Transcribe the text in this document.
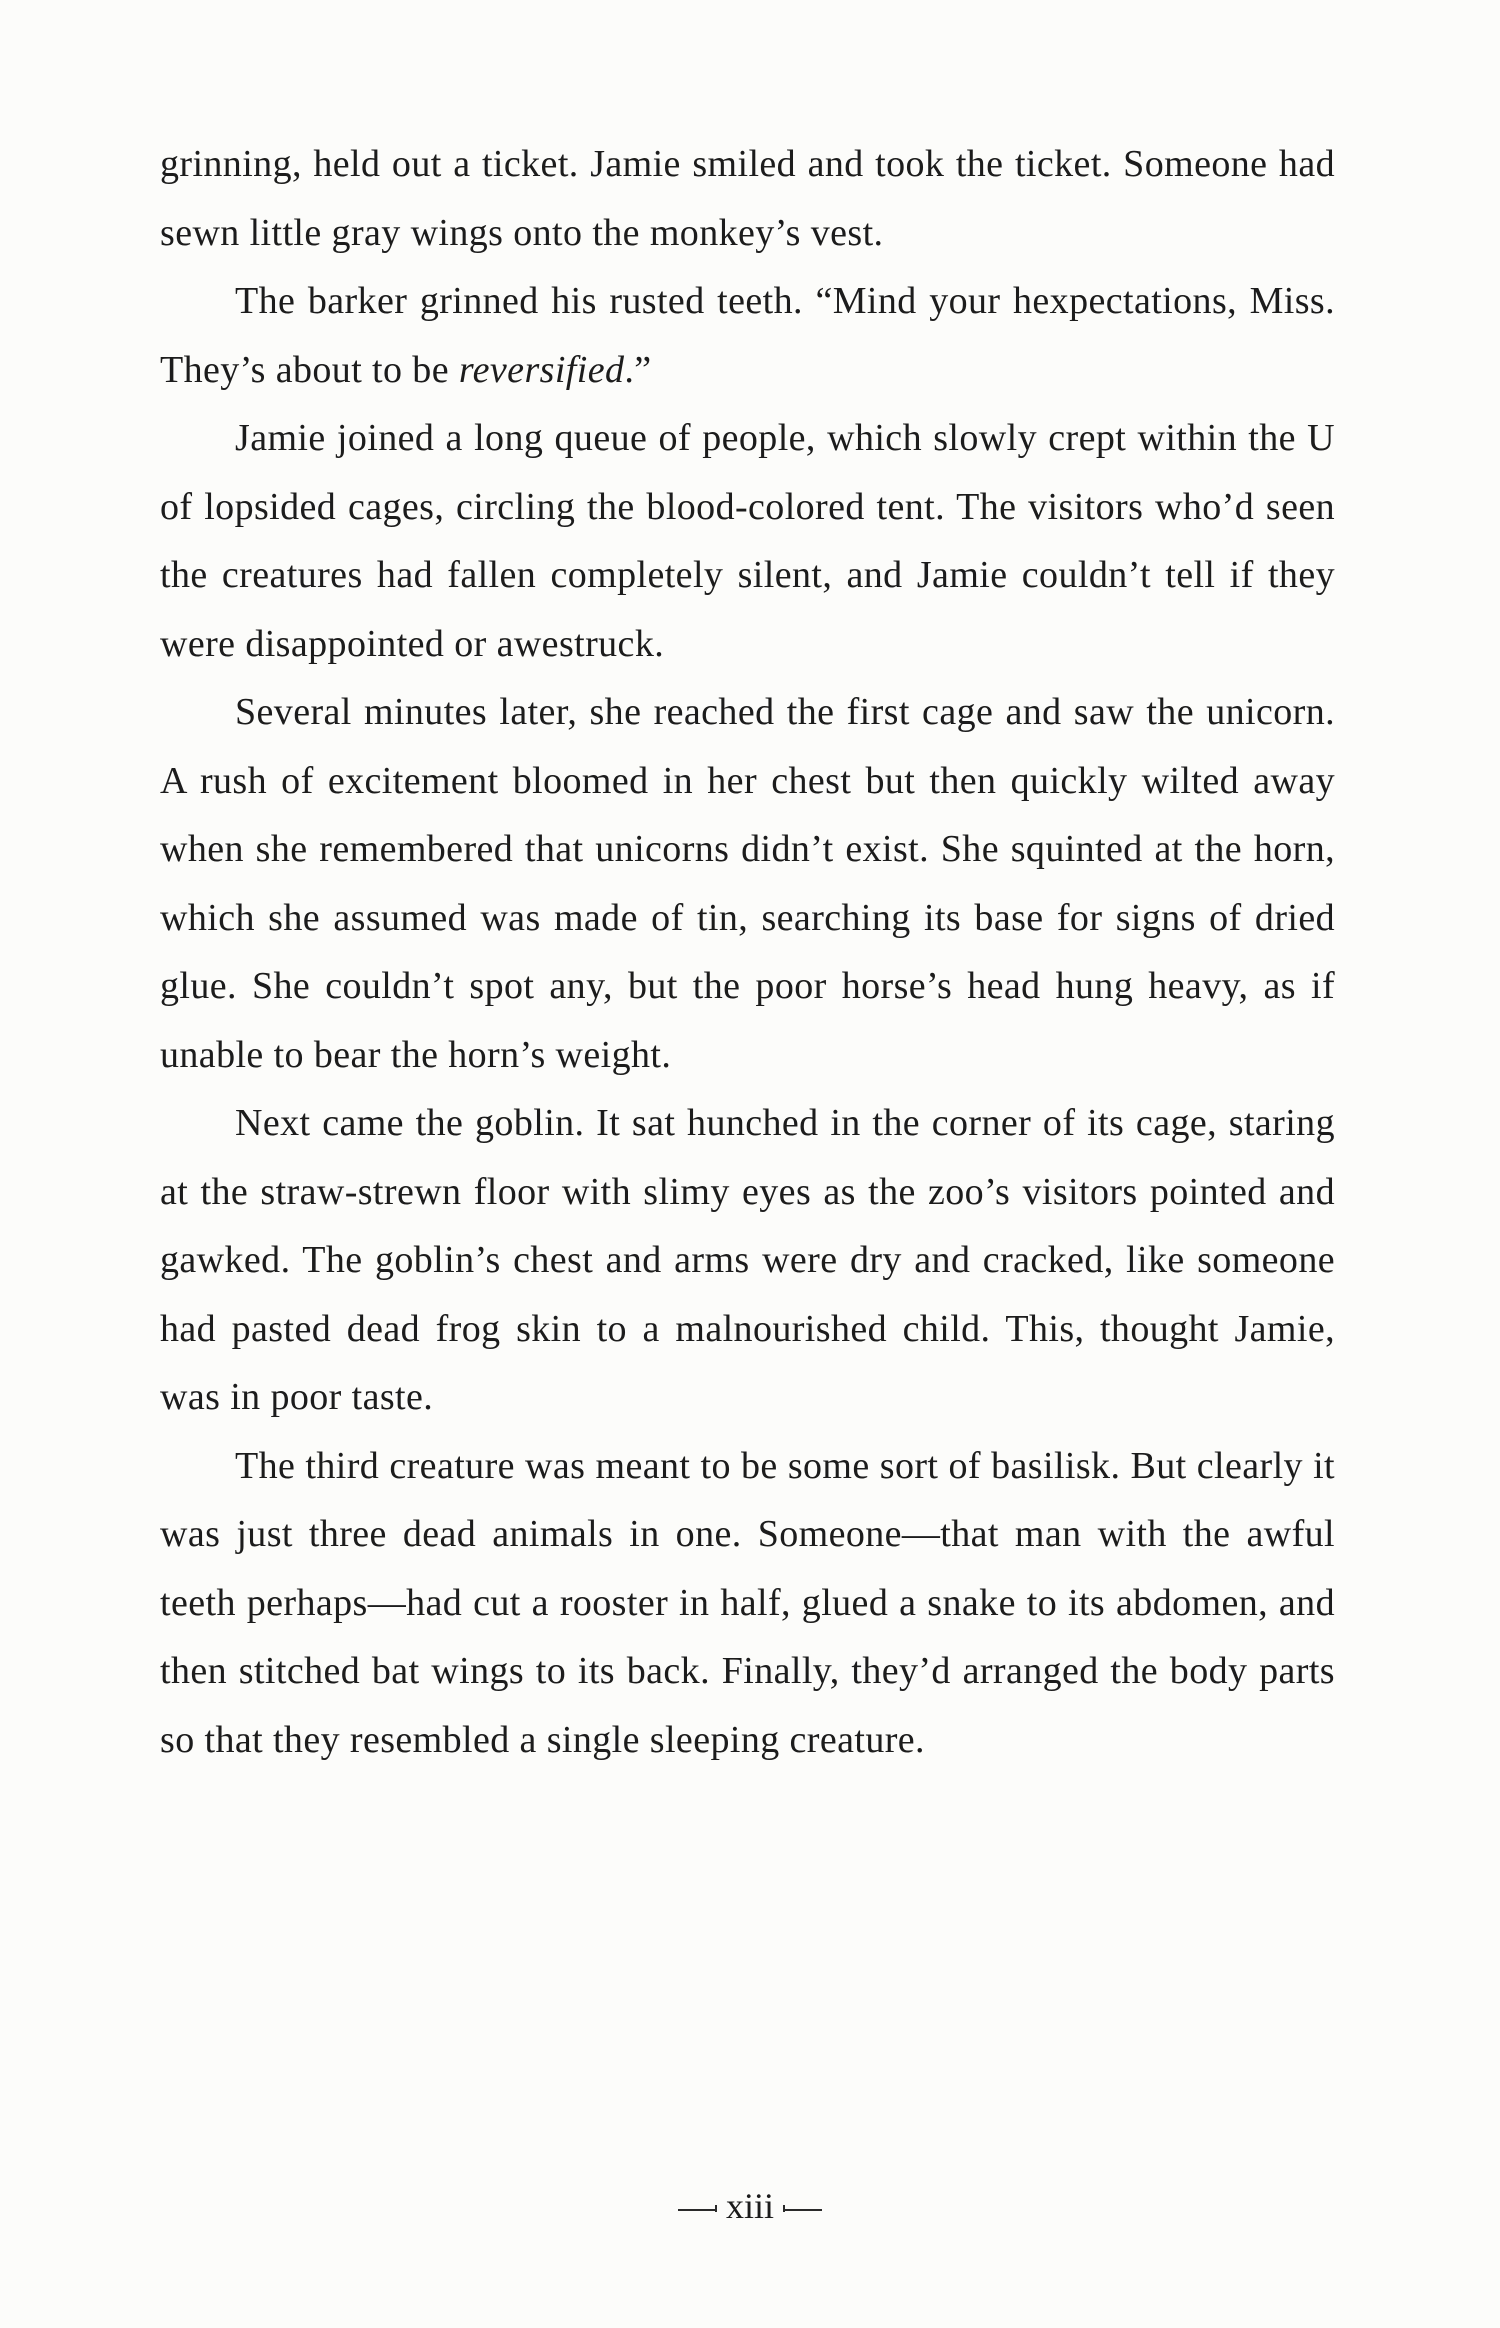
grinning, held out a ticket. Jamie smiled and took the ticket. Someone had sewn little gray wings onto the monkey’s vest.

The barker grinned his rusted teeth. “Mind your hexpectations, Miss. They’s about to be reversified.”

Jamie joined a long queue of people, which slowly crept within the U of lopsided cages, circling the blood-colored tent. The visitors who’d seen the creatures had fallen completely silent, and Jamie couldn’t tell if they were disappointed or awestruck.

Several minutes later, she reached the first cage and saw the unicorn. A rush of excitement bloomed in her chest but then quickly wilted away when she remembered that unicorns didn’t exist. She squinted at the horn, which she assumed was made of tin, searching its base for signs of dried glue. She couldn’t spot any, but the poor horse’s head hung heavy, as if unable to bear the horn’s weight.

Next came the goblin. It sat hunched in the corner of its cage, staring at the straw-strewn floor with slimy eyes as the zoo’s visitors pointed and gawked. The goblin’s chest and arms were dry and cracked, like someone had pasted dead frog skin to a malnourished child. This, thought Jamie, was in poor taste.

The third creature was meant to be some sort of basilisk. But clearly it was just three dead animals in one. Someone—that man with the awful teeth perhaps—had cut a rooster in half, glued a snake to its abdomen, and then stitched bat wings to its back. Finally, they’d arranged the body parts so that they resembled a single sleeping creature.

xiii
